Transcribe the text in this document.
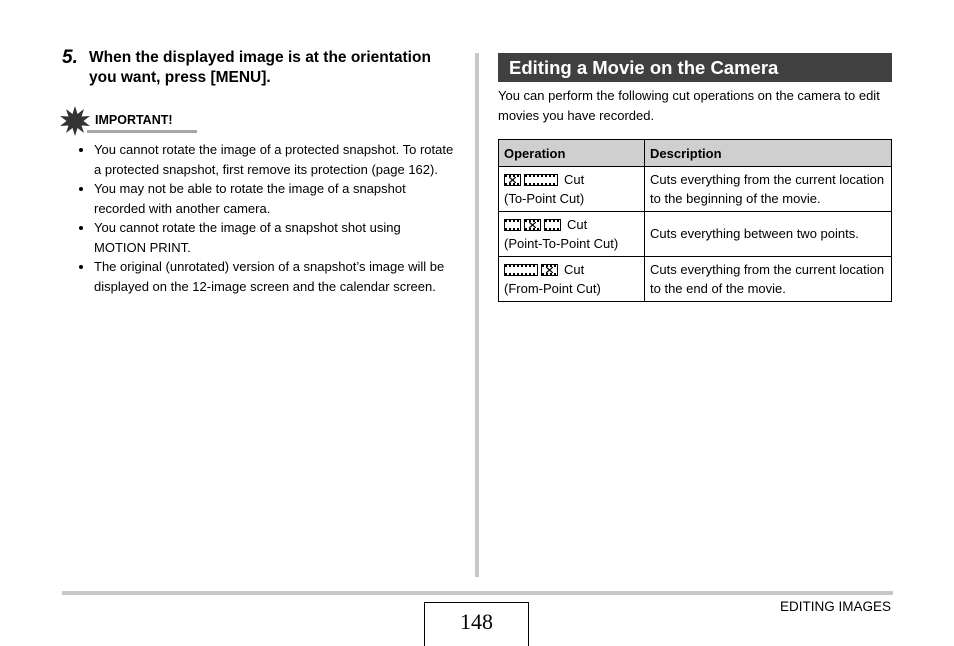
5. When the displayed image is at the orientation you want, press [MENU].
IMPORTANT!
You cannot rotate the image of a protected snapshot. To rotate a protected snapshot, first remove its protection (page 162).
You may not be able to rotate the image of a snapshot recorded with another camera.
You cannot rotate the image of a snapshot shot using MOTION PRINT.
The original (unrotated) version of a snapshot’s image will be displayed on the 12-image screen and the calendar screen.
Editing a Movie on the Camera
You can perform the following cut operations on the camera to edit movies you have recorded.
Operation	Description

Cut
(To-Point Cut)	Cuts everything from the current location to the beginning of the movie.

Cut
(Point-To-Point Cut)	Cuts everything between two points.

Cut
(From-Point Cut)	Cuts everything from the current location to the end of the movie.
148
EDITING IMAGES
